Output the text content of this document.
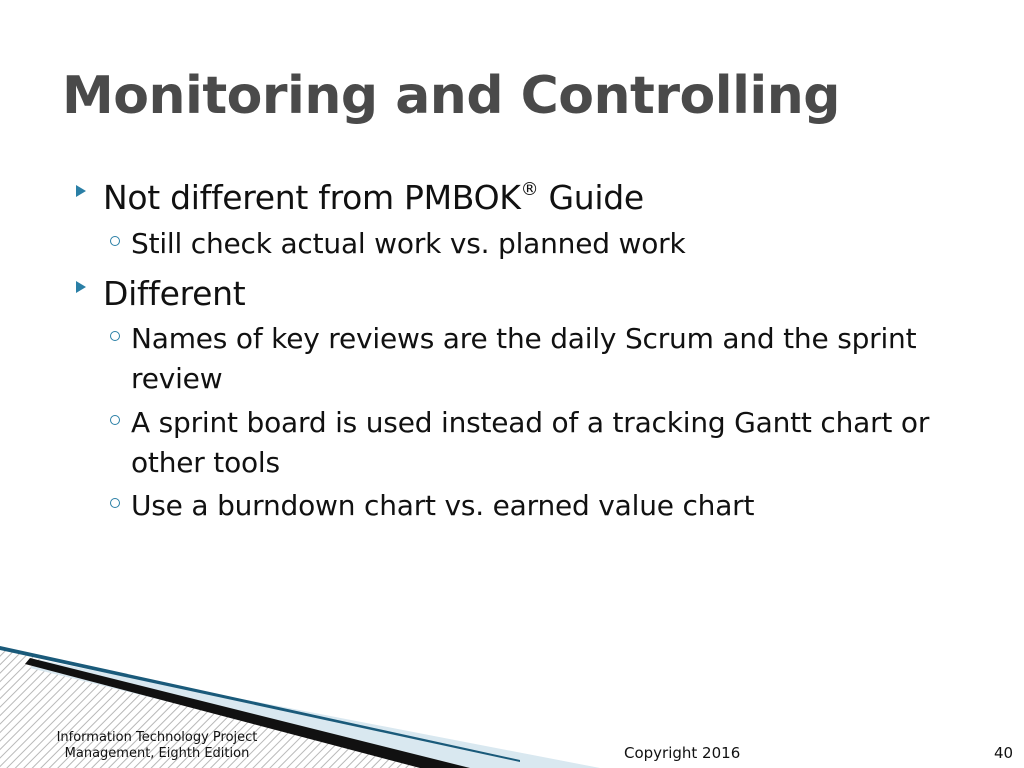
Monitoring and Controlling
Not different from PMBOK® Guide
Still check actual work vs. planned work
Different
Names of key reviews are the daily Scrum and the sprint review
A sprint board is used instead of a tracking Gantt chart or other tools
Use a burndown chart vs. earned value chart
Information Technology Project
Management, Eighth Edition	Copyright 2016	40
